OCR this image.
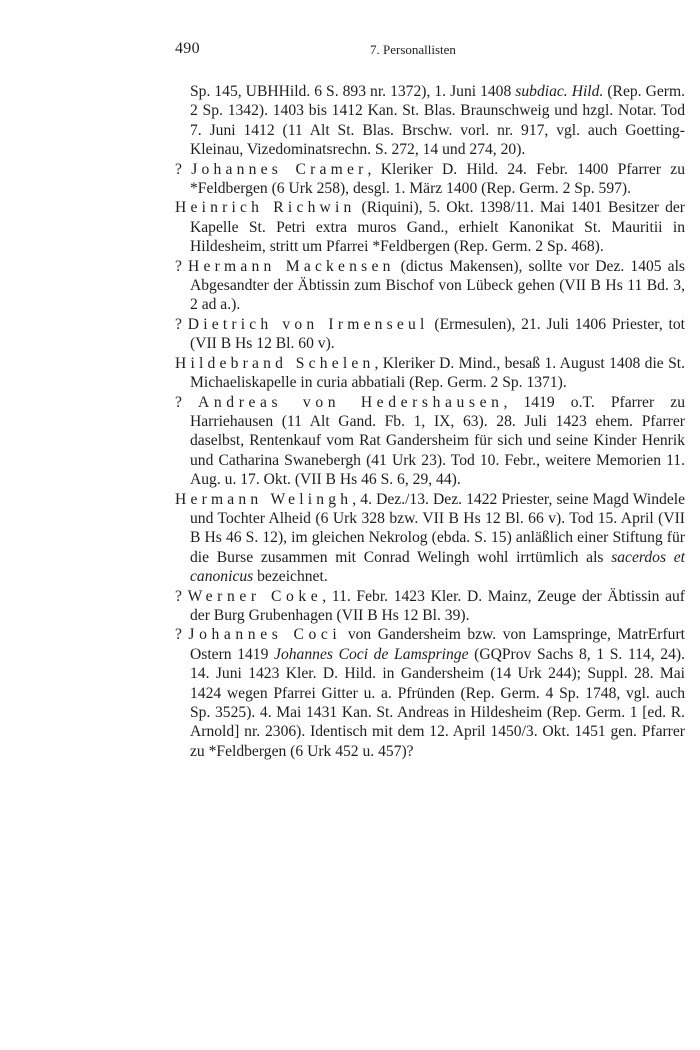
490	7. Personallisten

Sp. 145, UBHHild. 6 S. 893 nr. 1372), 1. Juni 1408 subdiac. Hild. (Rep. Germ. 2 Sp. 1342). 1403 bis 1412 Kan. St. Blas. Braunschweig und hzgl. Notar. Tod 7. Juni 1412 (11 Alt St. Blas. Brschw. vorl. nr. 917, vgl. auch Goetting-Kleinau, Vizedominatsrechn. S. 272, 14 und 274, 20).

? Johannes Cramer, Kleriker D. Hild. 24. Febr. 1400 Pfarrer zu *Feldbergen (6 Urk 258), desgl. 1. März 1400 (Rep. Germ. 2 Sp. 597).

Heinrich Richwin (Riquini), 5. Okt. 1398/11. Mai 1401 Besitzer der Kapelle St. Petri extra muros Gand., erhielt Kanonikat St. Mauritii in Hildesheim, stritt um Pfarrei *Feldbergen (Rep. Germ. 2 Sp. 468).

? Hermann Mackensen (dictus Makensen), sollte vor Dez. 1405 als Abgesandter der Äbtissin zum Bischof von Lübeck gehen (VII B Hs 11 Bd. 3, 2 ad a.).

? Dietrich von Irmenseul (Ermesulen), 21. Juli 1406 Priester, tot (VII B Hs 12 Bl. 60 v).

Hildebrand Schelen, Kleriker D. Mind., besaß 1. August 1408 die St. Michaeliskapelle in curia abbatiali (Rep. Germ. 2 Sp. 1371).

? Andreas von Hedershausen, 1419 o.T. Pfarrer zu Harriehausen (11 Alt Gand. Fb. 1, IX, 63). 28. Juli 1423 ehem. Pfarrer daselbst, Rentenkauf vom Rat Gandersheim für sich und seine Kinder Henrik und Catharina Swanebergh (41 Urk 23). Tod 10. Febr., weitere Memorien 11. Aug. u. 17. Okt. (VII B Hs 46 S. 6, 29, 44).

Hermann Welingh, 4. Dez./13. Dez. 1422 Priester, seine Magd Windele und Tochter Alheid (6 Urk 328 bzw. VII B Hs 12 Bl. 66 v). Tod 15. April (VII B Hs 46 S. 12), im gleichen Nekrolog (ebda. S. 15) anläßlich einer Stiftung für die Burse zusammen mit Conrad Welingh wohl irrtümlich als sacerdos et canonicus bezeichnet.

? Werner Coke, 11. Febr. 1423 Kler. D. Mainz, Zeuge der Äbtissin auf der Burg Grubenhagen (VII B Hs 12 Bl. 39).

? Johannes Coci von Gandersheim bzw. von Lamspringe, MatrErfurt Ostern 1419 Johannes Coci de Lamspringe (GQProv Sachs 8, 1 S. 114, 24). 14. Juni 1423 Kler. D. Hild. in Gandersheim (14 Urk 244); Suppl. 28. Mai 1424 wegen Pfarrei Gitter u. a. Pfründen (Rep. Germ. 4 Sp. 1748, vgl. auch Sp. 3525). 4. Mai 1431 Kan. St. Andreas in Hildesheim (Rep. Germ. 1 [ed. R. Arnold] nr. 2306). Identisch mit dem 12. April 1450/3. Okt. 1451 gen. Pfarrer zu *Feldbergen (6 Urk 452 u. 457)?
